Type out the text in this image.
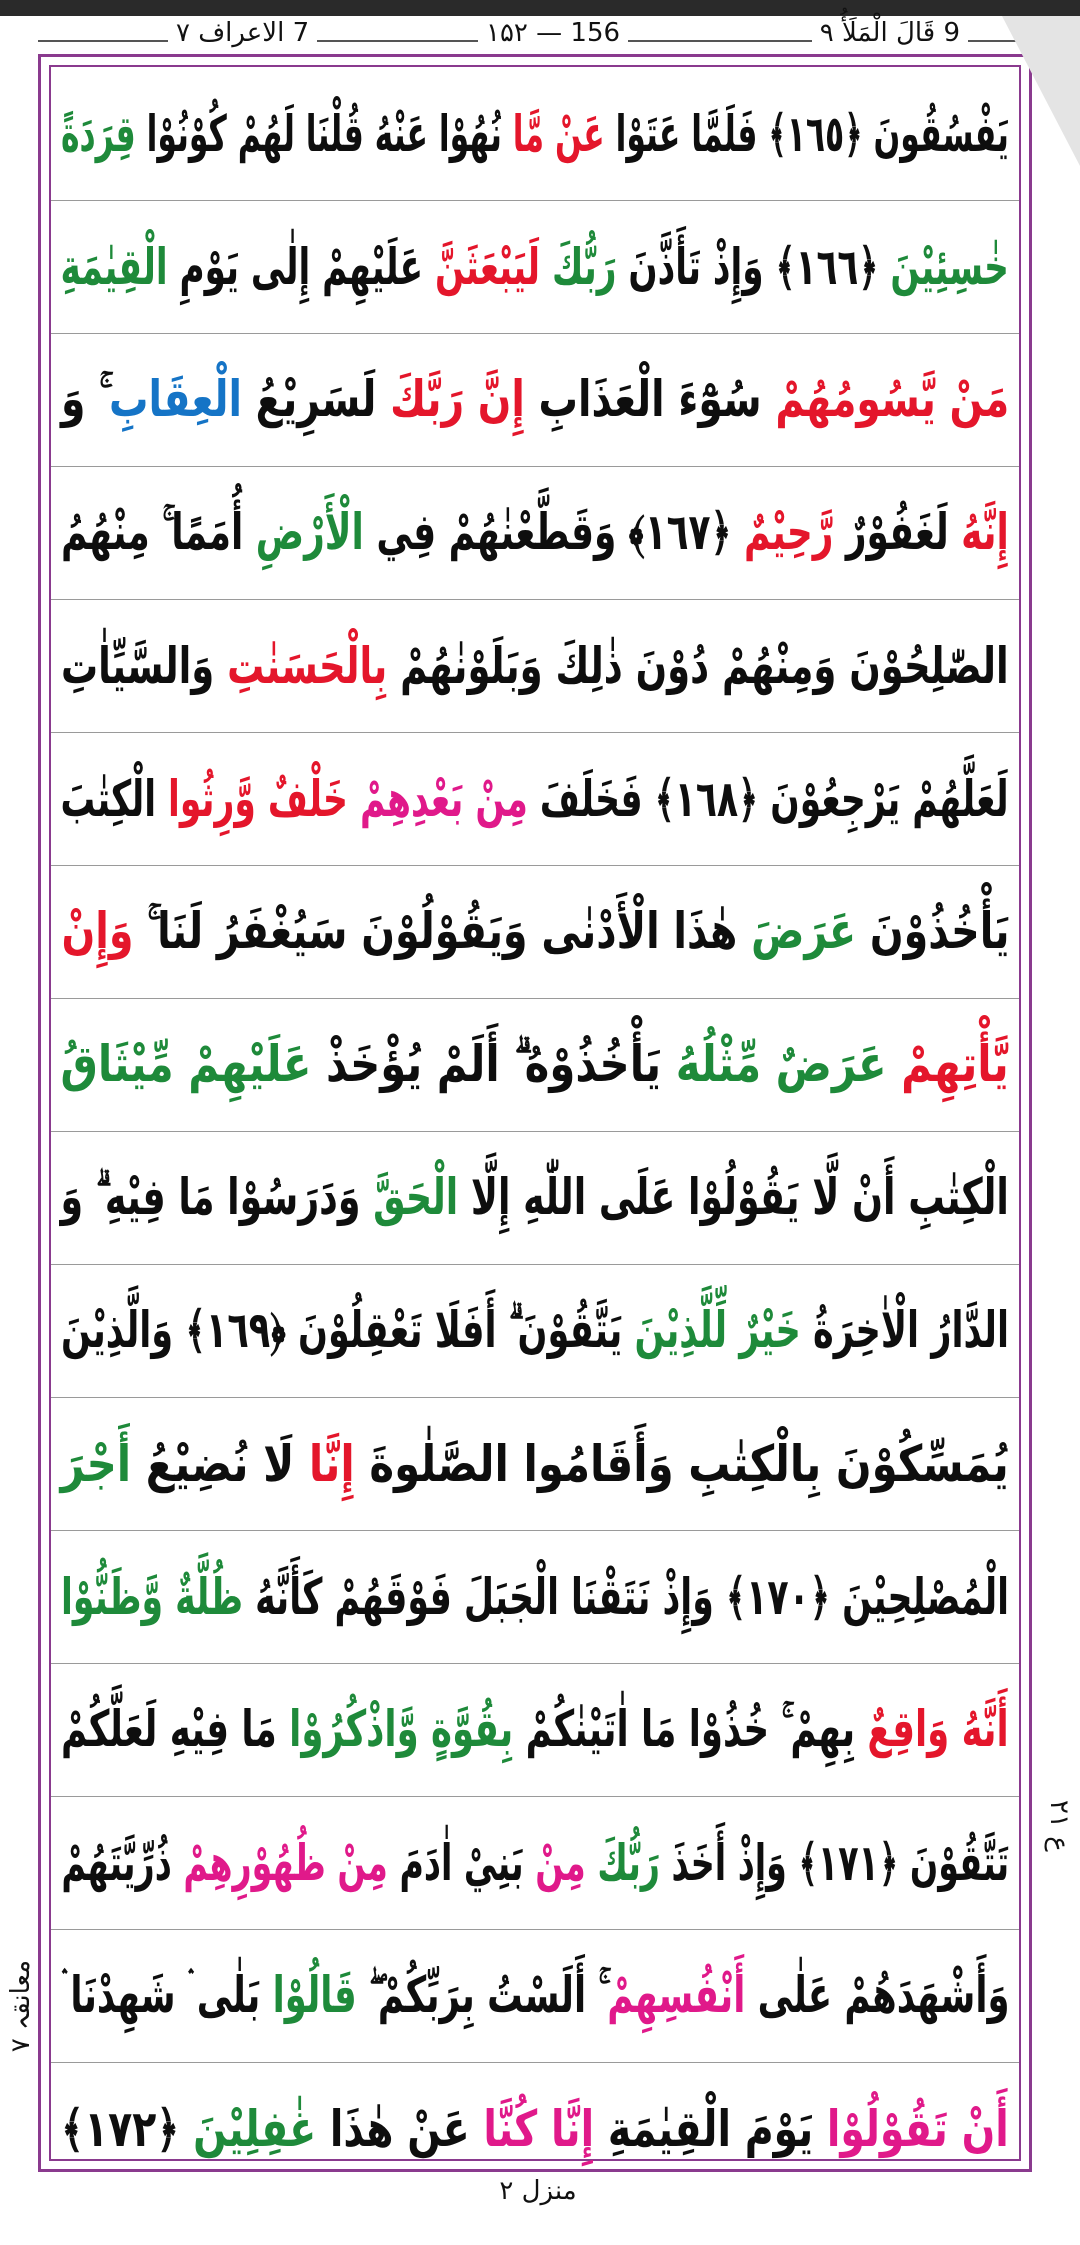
9 قَالَ الْمَلَأُ ۹
۱۵۲ — 156
7 الاعراف ۷
يَفْسُقُونَ ﴿١٦٥﴾ فَلَمَّا عَتَوْا عَنْ مَّا نُهُوْا عَنْهُ قُلْنَا لَهُمْ كُوْنُوْا قِرَدَةً
خٰسِئِيْنَ ﴿١٦٦﴾ وَإِذْ تَأَذَّنَ رَبُّكَ لَيَبْعَثَنَّ عَلَيْهِمْ إِلٰى يَوْمِ الْقِيٰمَةِ
مَنْ يَّسُومُهُمْ سُوْٓءَ الْعَذَابِ إِنَّ رَبَّكَ لَسَرِيْعُ الْعِقَابِ ۚ وَ
إِنَّهُ لَغَفُوْرٌ رَّحِيْمٌ ﴿١٦٧﴾ وَقَطَّعْنٰهُمْ فِي الْأَرْضِ أُمَمًا ۚ مِنْهُمُ
الصّٰلِحُوْنَ وَمِنْهُمْ دُوْنَ ذٰلِكَ وَبَلَوْنٰهُمْ بِالْحَسَنٰتِ وَالسَّيِّاٰتِ
لَعَلَّهُمْ يَرْجِعُوْنَ ﴿١٦٨﴾ فَخَلَفَ مِنْ بَعْدِهِمْ خَلْفٌ وَّرِثُوا الْكِتٰبَ
يَأْخُذُوْنَ عَرَضَ هٰذَا الْأَدْنٰى وَيَقُوْلُوْنَ سَيُغْفَرُ لَنَا ۚ وَإِنْ
يَّأْتِهِمْ عَرَضٌ مِّثْلُهُ يَأْخُذُوْهُ ۗ أَلَمْ يُؤْخَذْ عَلَيْهِمْ مِّيْثَاقُ
الْكِتٰبِ أَنْ لَّا يَقُوْلُوْا عَلَى اللّٰهِ إِلَّا الْحَقَّ وَدَرَسُوْا مَا فِيْهِ ۗ وَ
الدَّارُ الْاٰخِرَةُ خَيْرٌ لِّلَّذِيْنَ يَتَّقُوْنَ ۗ أَفَلَا تَعْقِلُوْنَ ﴿١٦٩﴾ وَالَّذِيْنَ
يُمَسِّكُوْنَ بِالْكِتٰبِ وَأَقَامُوا الصَّلٰوةَ إِنَّا لَا نُضِيْعُ أَجْرَ
الْمُصْلِحِيْنَ ﴿١٧٠﴾ وَإِذْ نَتَقْنَا الْجَبَلَ فَوْقَهُمْ كَأَنَّهُ ظُلَّةٌ وَّظَنُّوْا
أَنَّهُ وَاقِعٌ بِهِمْ ۚ خُذُوْا مَا اٰتَيْنٰكُمْ بِقُوَّةٍ وَّاذْكُرُوْا مَا فِيْهِ لَعَلَّكُمْ
تَتَّقُوْنَ ﴿١٧١﴾ وَإِذْ أَخَذَ رَبُّكَ مِنْ بَنِيْ اٰدَمَ مِنْ ظُهُوْرِهِمْ ذُرِّيَّتَهُمْ
وَأَشْهَدَهُمْ عَلٰى أَنْفُسِهِمْ ۚ أَلَسْتُ بِرَبِّكُمْ ۖ قَالُوْا بَلٰى ۛ شَهِدْنَا ۛ
أَنْ تَقُوْلُوْا يَوْمَ الْقِيٰمَةِ إِنَّا كُنَّا عَنْ هٰذَا غٰفِلِيْنَ ﴿١٧٢﴾
منزل ٢
ع ٢١
معانقہ ۷
